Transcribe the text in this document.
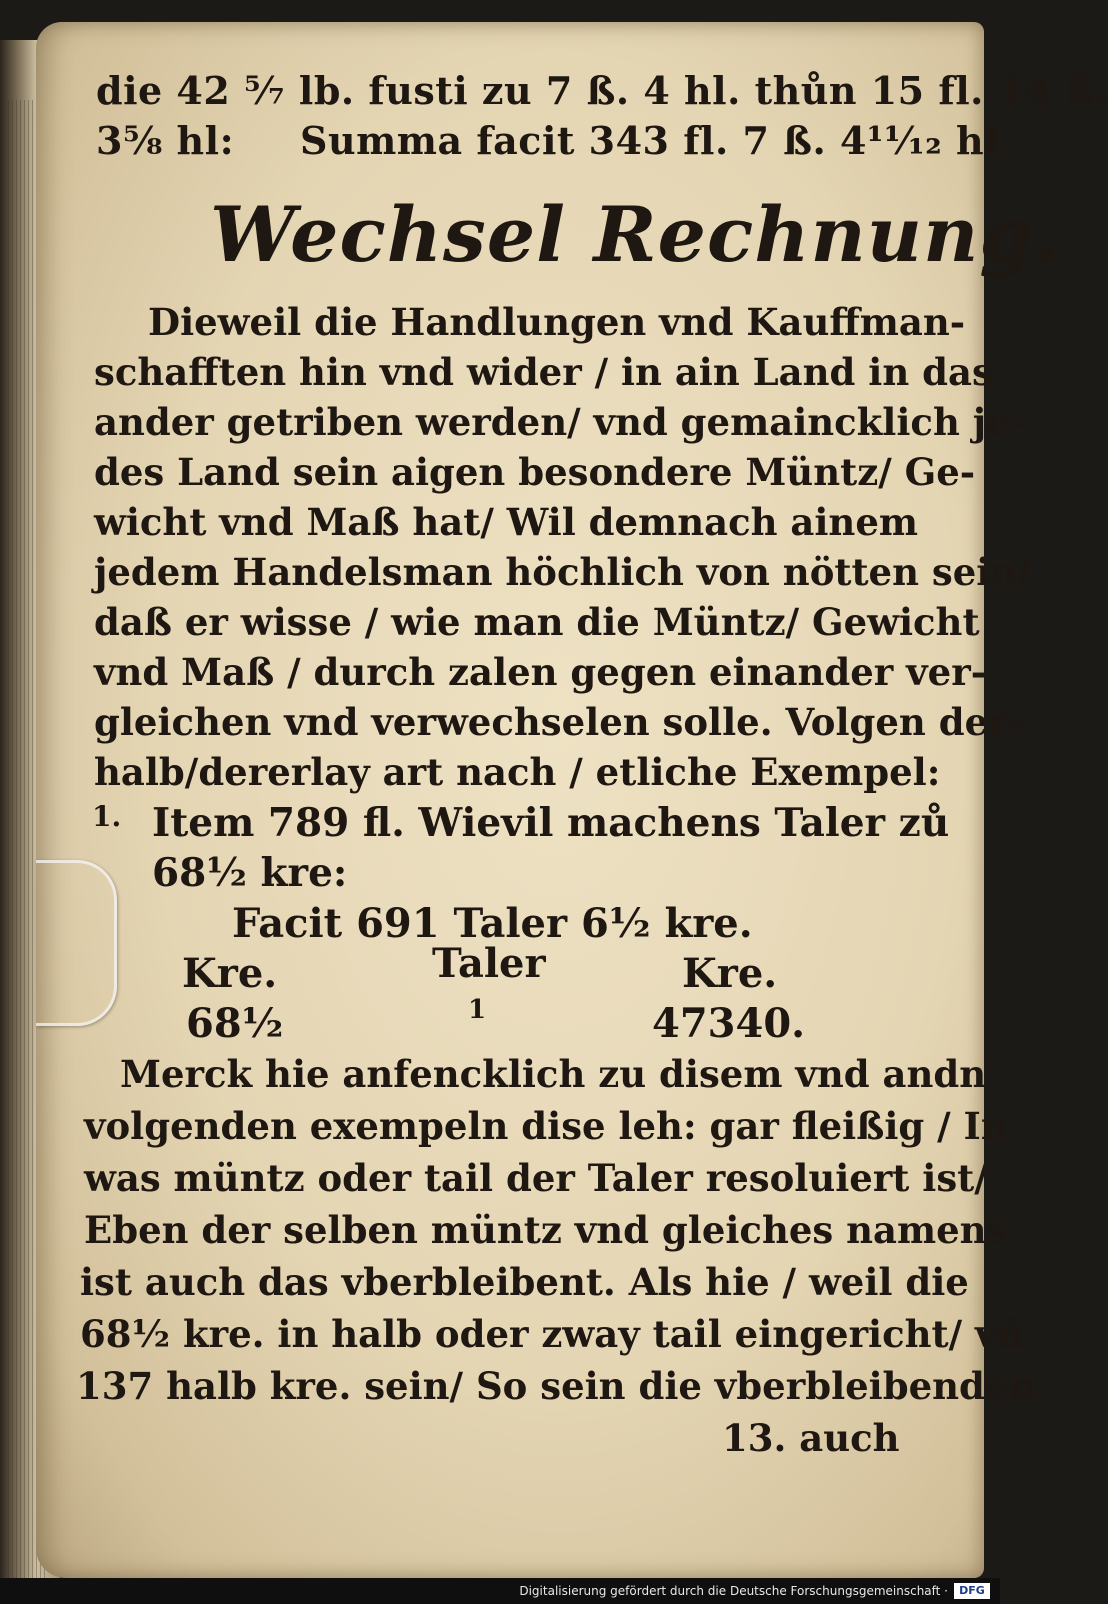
die 42 ⁵⁄₇ lb. fusti zu 7 ß. 4 hl. thůn 15 fl. 14 ß.
3⅝ hl: Summa facit 343 fl. 7 ß. 4¹¹⁄₁₂ hl.
Wechsel Rechnung.
Dieweil die Handlungen vnd Kauffman-
schafften hin vnd wider / in ain Land in das
ander getriben werden/ vnd gemaincklich je-
des Land sein aigen besondere Müntz/ Ge-
wicht vnd Maß hat/ Wil demnach ainem
jedem Handelsman höchlich von nötten sein/
daß er wisse / wie man die Müntz/ Gewicht
vnd Maß / durch zalen gegen einander ver-
gleichen vnd verwechselen solle. Volgen der-
halb/dererlay art nach / etliche Exempel:
1. Item 789 fl. Wievil machens Taler zů
68½ kre:
Facit 691 Taler 6½ kre.
Kre.	Taler	Kre.
68½	1	47340.
Merck hie anfencklich zu disem vnd andn
volgenden exempeln dise leh: gar fleißig / In
was müntz oder tail der Taler resoluiert ist/
Eben der selben müntz vnd gleiches namens
ist auch das vberbleibent. Als hie / weil die
68½ kre. in halb oder zway tail eingericht/ vñ
137 halb kre. sein/ So sein die vberbleibenden
13. auch
Digitalisierung gefördert durch die Deutsche Forschungsgemeinschaft ·	DFG
